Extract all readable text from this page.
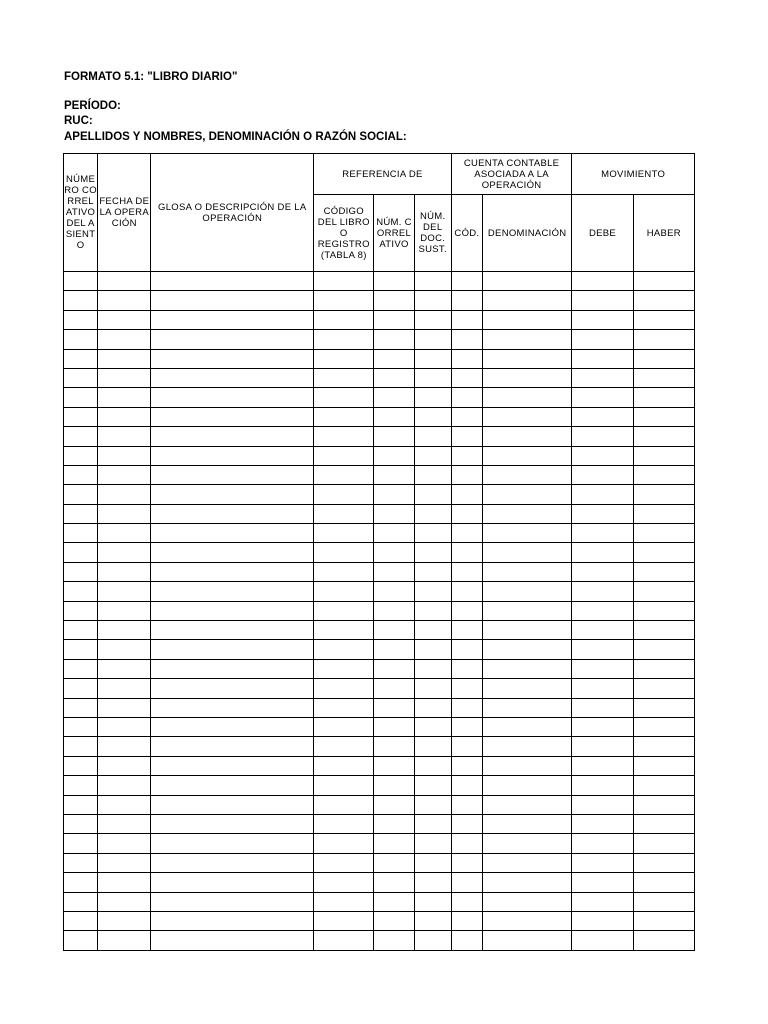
FORMATO 5.1: "LIBRO DIARIO"
PERÍODO:
RUC:
APELLIDOS Y NOMBRES, DENOMINACIÓN O RAZÓN SOCIAL:
NÚMERO CORRELATIVO DEL ASIENTO	FECHA DE LA OPERACIÓN	GLOSA O DESCRIPCIÓN DE LA OPERACIÓN	REFERENCIA DE			CUENTA CONTABLE ASOCIADA A LA OPERACIÓN		MOVIMIENTO	
			CÓDIGO DEL LIBRO O REGISTRO (TABLA 8)	NÚM. CORRELATIVO	NÚM. DEL DOC. SUST.	CÓD.	DENOMINACIÓN	DEBE	HABER
